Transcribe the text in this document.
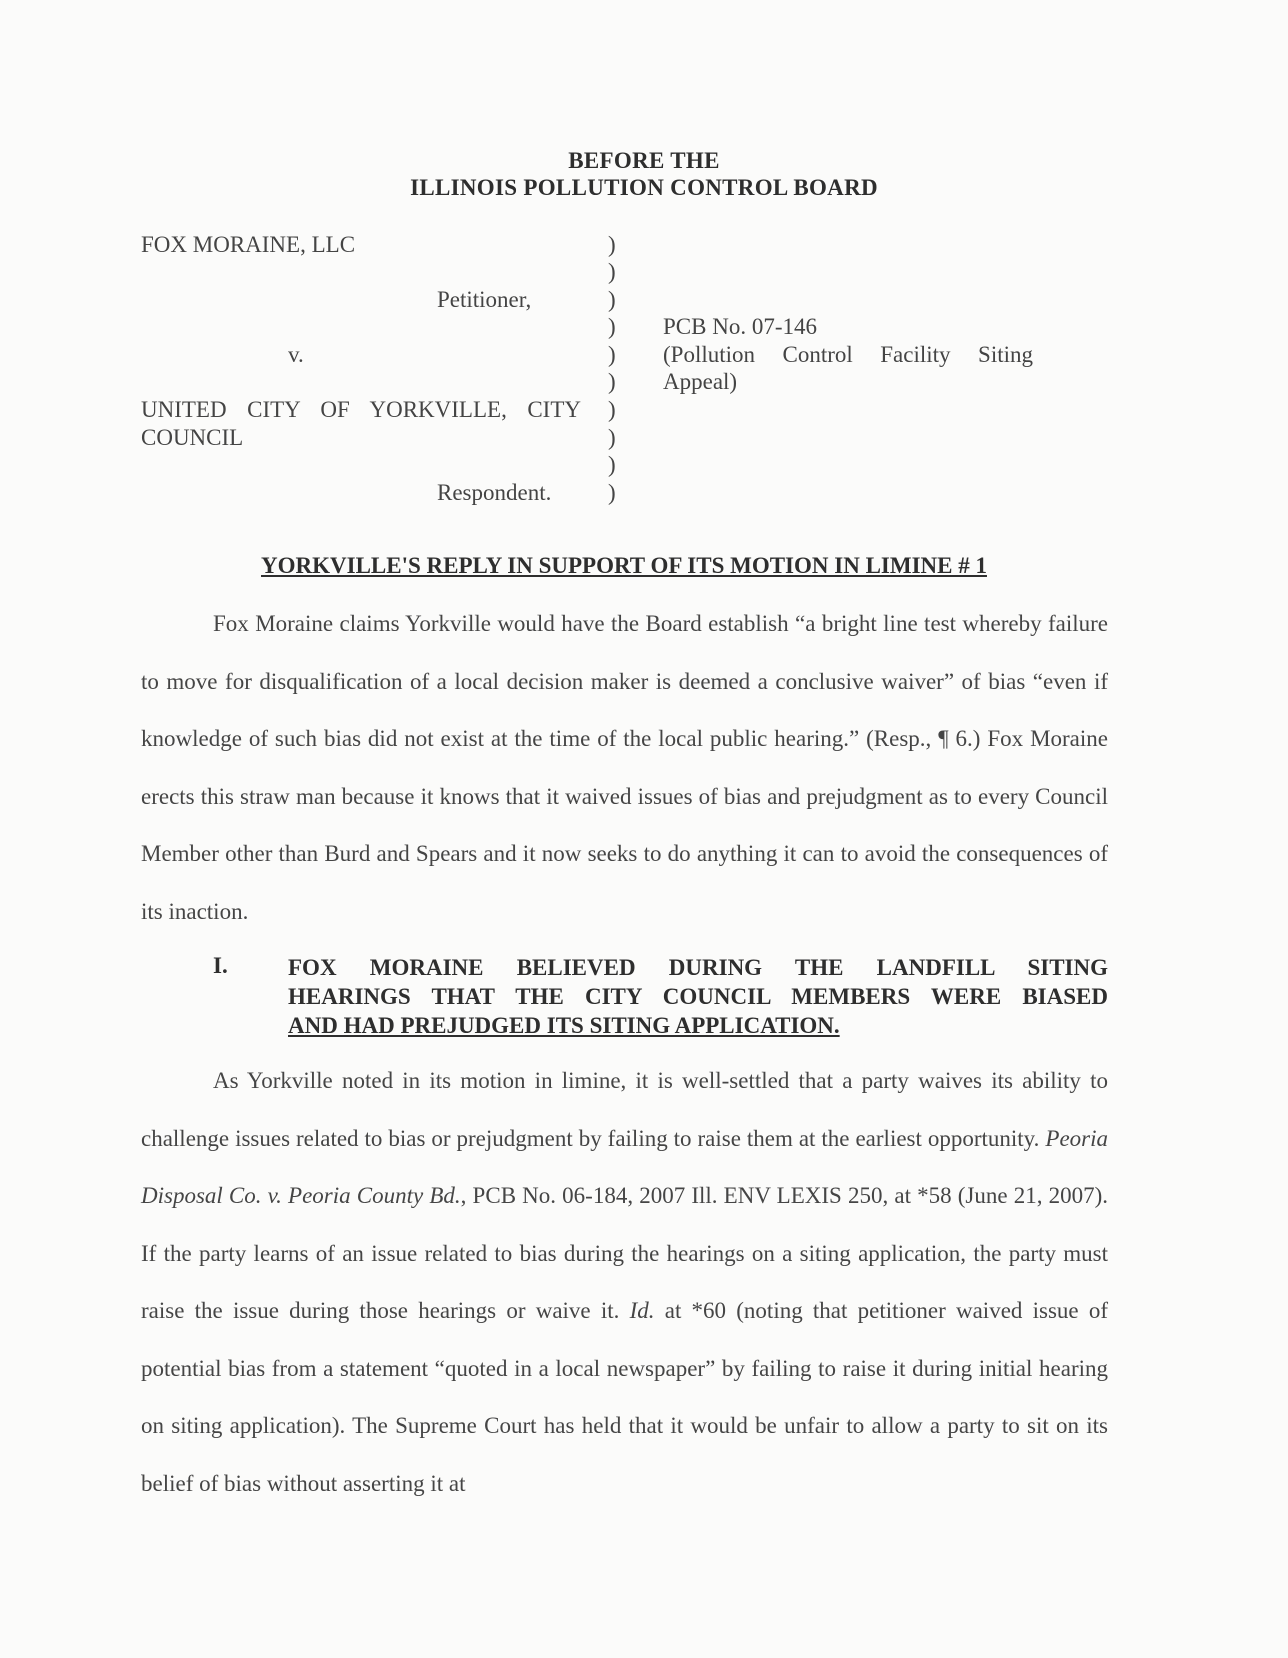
BEFORE THE
ILLINOIS POLLUTION CONTROL BOARD
FOX MORAINE, LLC
Petitioner,
v.
UNITED CITY OF YORKVILLE, CITY
COUNCIL
Respondent.
)
)
)
)
)
)
)
)
)
)
PCB No. 07-146
(Pollution Control Facility Siting
Appeal)
YORKVILLE'S REPLY IN SUPPORT OF ITS MOTION IN LIMINE # 1
Fox Moraine claims Yorkville would have the Board establish “a bright line test whereby failure to move for disqualification of a local decision maker is deemed a conclusive waiver” of bias “even if knowledge of such bias did not exist at the time of the local public hearing.” (Resp., ¶ 6.) Fox Moraine erects this straw man because it knows that it waived issues of bias and prejudgment as to every Council Member other than Burd and Spears and it now seeks to do anything it can to avoid the consequences of its inaction.
I.	FOX MORAINE BELIEVED DURING THE LANDFILL SITING
HEARINGS THAT THE CITY COUNCIL MEMBERS WERE BIASED
AND HAD PREJUDGED ITS SITING APPLICATION.
As Yorkville noted in its motion in limine, it is well-settled that a party waives its ability to challenge issues related to bias or prejudgment by failing to raise them at the earliest opportunity. Peoria Disposal Co. v. Peoria County Bd., PCB No. 06-184, 2007 Ill. ENV LEXIS 250, at *58 (June 21, 2007). If the party learns of an issue related to bias during the hearings on a siting application, the party must raise the issue during those hearings or waive it. Id. at *60 (noting that petitioner waived issue of potential bias from a statement “quoted in a local newspaper” by failing to raise it during initial hearing on siting application). The Supreme Court has held that it would be unfair to allow a party to sit on its belief of bias without asserting it at
